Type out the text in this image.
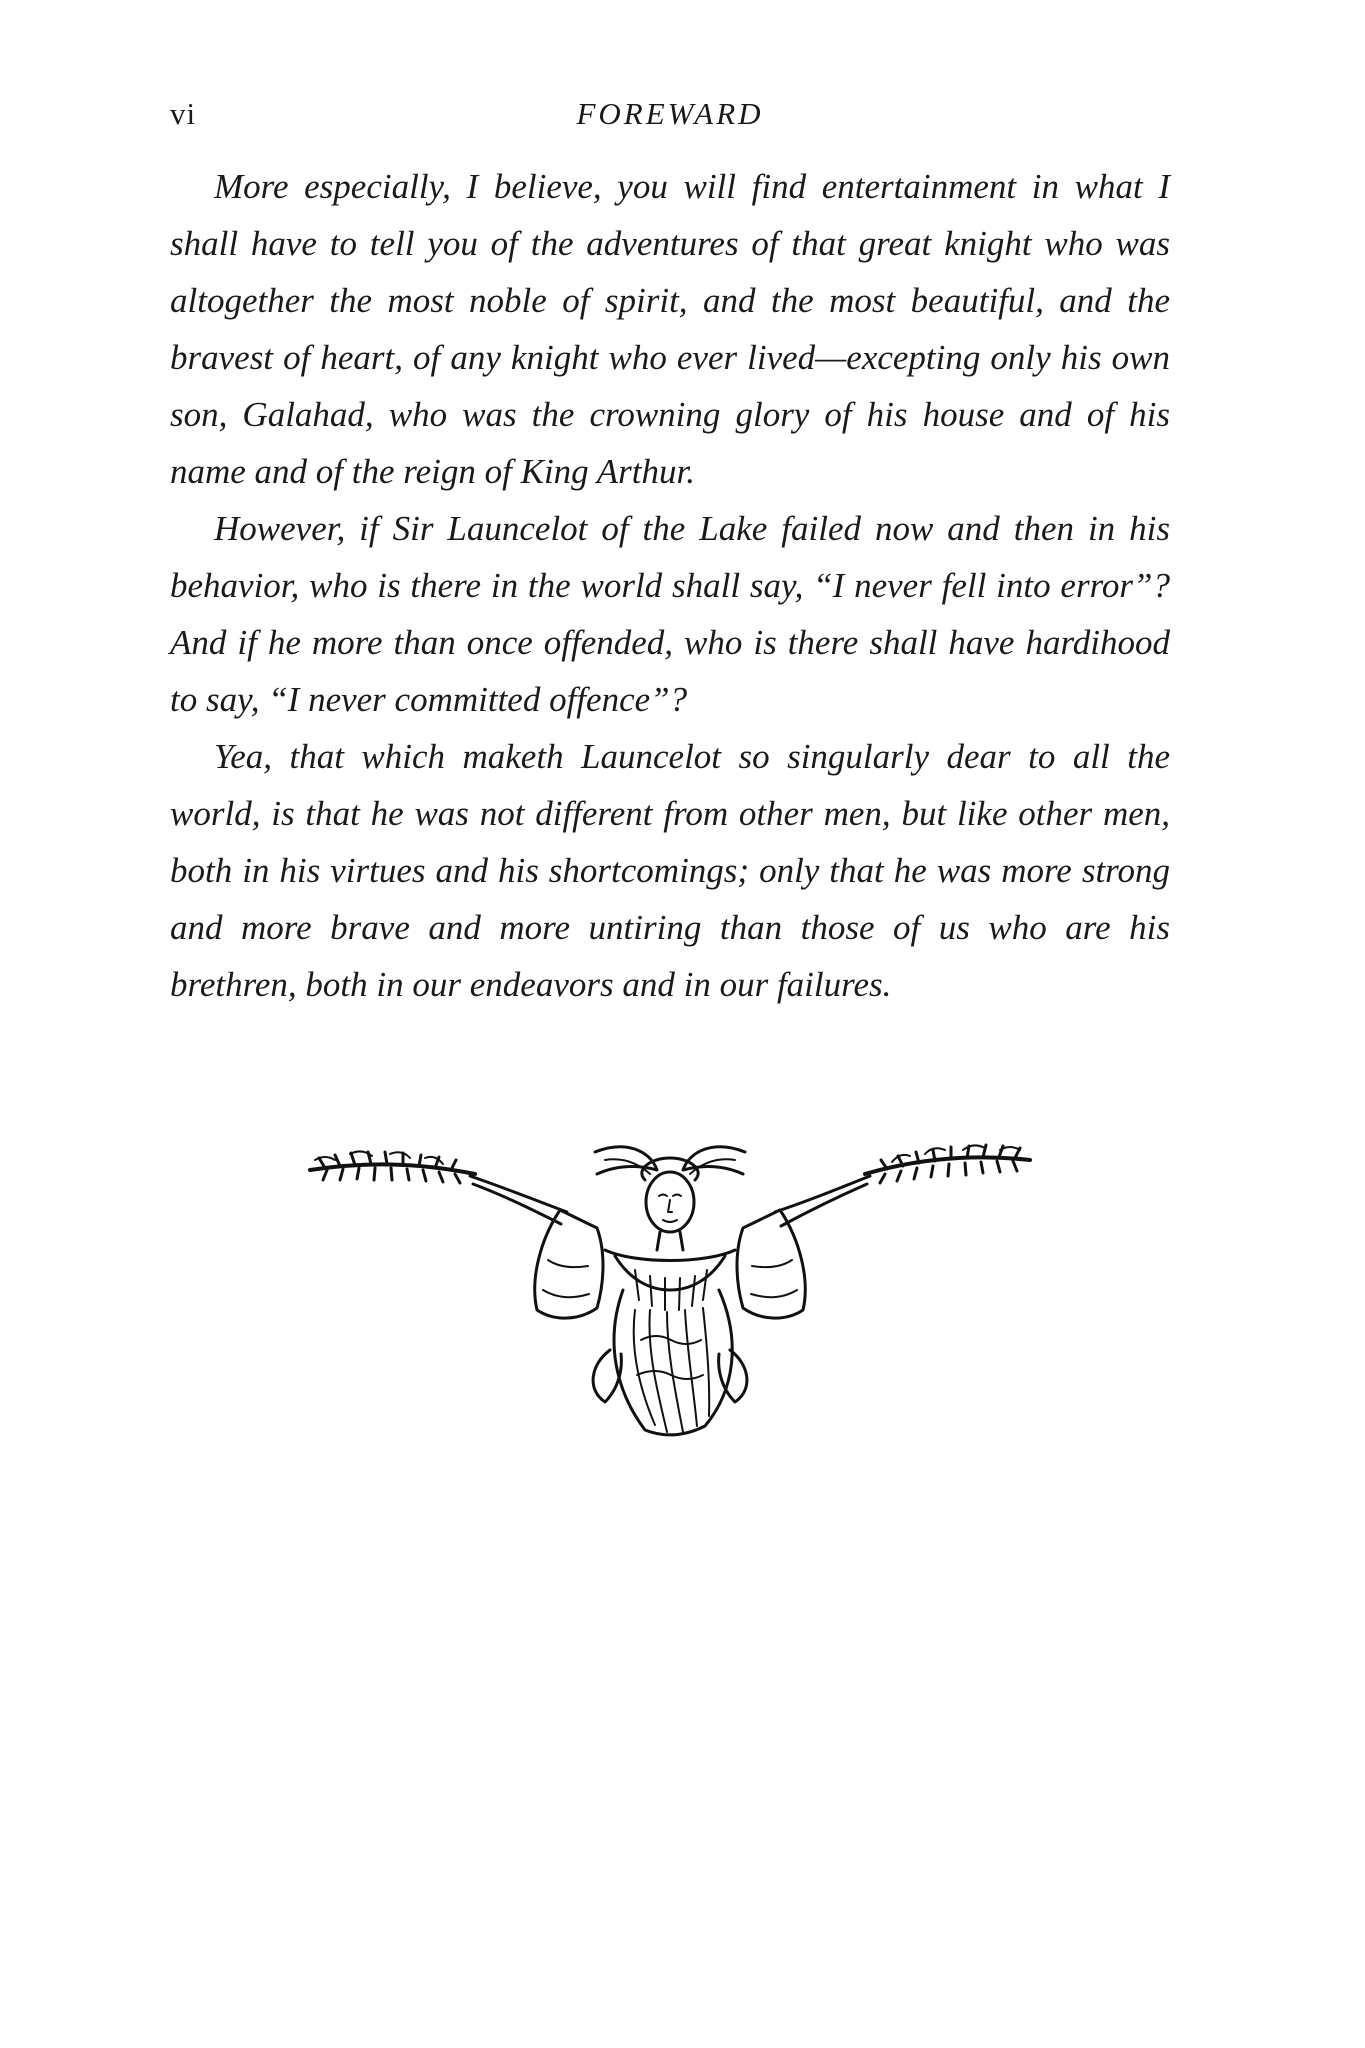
vi	FOREWARD

More especially, I believe, you will find entertainment in what I shall have to tell you of the adventures of that great knight who was altogether the most noble of spirit, and the most beautiful, and the bravest of heart, of any knight who ever lived—excepting only his own son, Galahad, who was the crowning glory of his house and of his name and of the reign of King Arthur.

However, if Sir Launcelot of the Lake failed now and then in his behavior, who is there in the world shall say, “I never fell into error”? And if he more than once offended, who is there shall have hardihood to say, “I never committed offence”?

Yea, that which maketh Launcelot so singularly dear to all the world, is that he was not different from other men, but like other men, both in his virtues and his shortcomings; only that he was more strong and more brave and more untiring than those of us who are his brethren, both in our endeavors and in our failures.
